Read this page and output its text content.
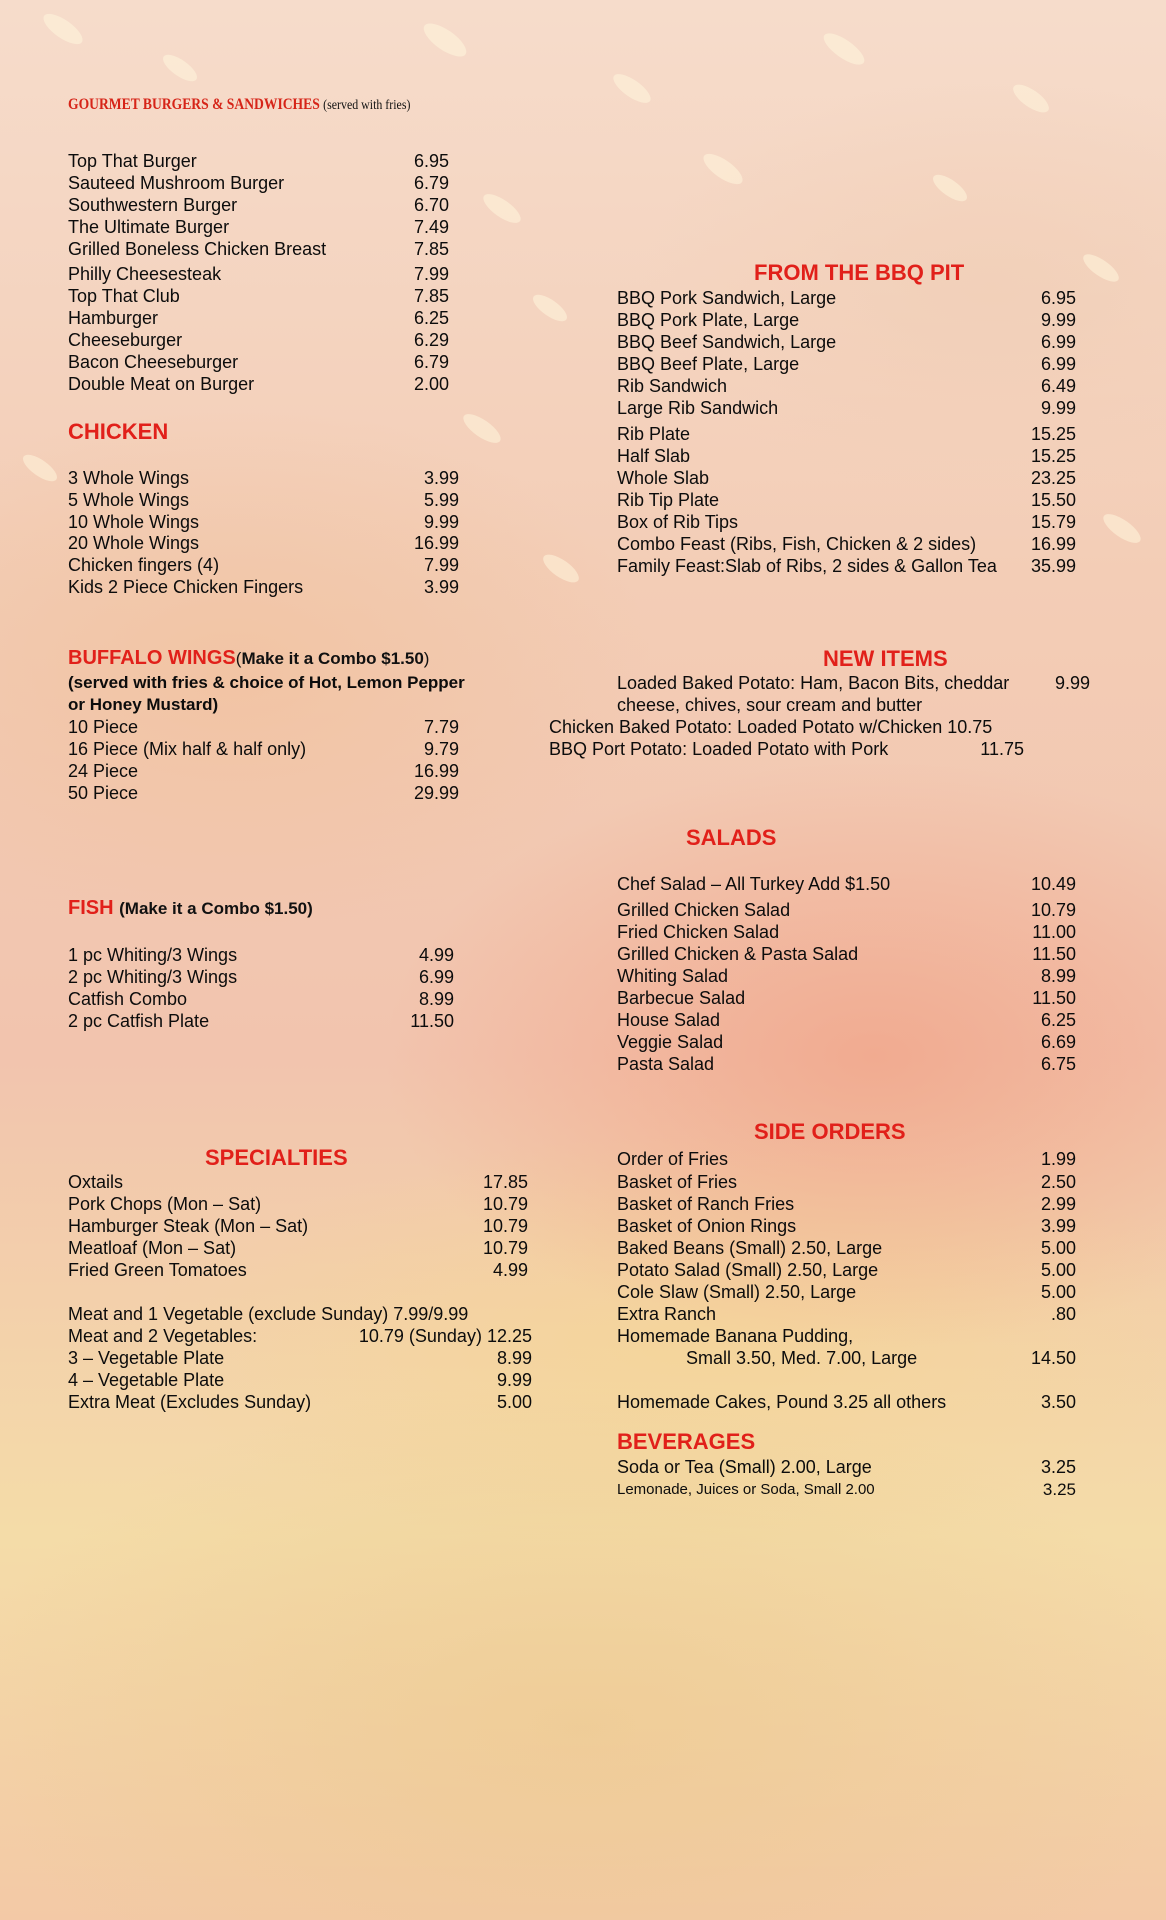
GOURMET BURGERS & SANDWICHES (served with fries)
Top That Burger	6.95
Sauteed Mushroom Burger	6.79
Southwestern Burger	6.70
The Ultimate Burger	7.49
Grilled Boneless Chicken Breast	7.85
Philly Cheesesteak	7.99
Top That Club	7.85
Hamburger	6.25
Cheeseburger	6.29
Bacon Cheeseburger	6.79
Double Meat on Burger	2.00
CHICKEN
3 Whole Wings	3.99
5 Whole Wings	5.99
10 Whole Wings	9.99
20 Whole Wings	16.99
Chicken fingers (4)	7.99
Kids 2 Piece Chicken Fingers	3.99
BUFFALO WINGS(Make it a Combo $1.50)
(served with fries & choice of Hot, Lemon Pepper
or Honey Mustard)
10 Piece	7.79
16 Piece (Mix half & half only)	9.79
24 Piece	16.99
50 Piece	29.99
FISH (Make it a Combo $1.50)
1 pc Whiting/3 Wings	4.99
2 pc Whiting/3 Wings	6.99
Catfish Combo	8.99
2 pc Catfish Plate	11.50
SPECIALTIES
Oxtails	17.85
Pork Chops (Mon – Sat)	10.79
Hamburger Steak (Mon – Sat)	10.79
Meatloaf (Mon – Sat)	10.79
Fried Green Tomatoes	4.99
Meat and 1 Vegetable (exclude Sunday) 7.99/9.99
Meat and 2 Vegetables:	10.79 (Sunday) 12.25
3 – Vegetable Plate	8.99
4 – Vegetable Plate	9.99
Extra Meat (Excludes Sunday)	5.00
FROM THE BBQ PIT
BBQ Pork Sandwich, Large	6.95
BBQ Pork Plate, Large	9.99
BBQ Beef Sandwich, Large	6.99
BBQ Beef Plate, Large	6.99
Rib Sandwich	6.49
Large Rib Sandwich	9.99
Rib Plate	15.25
Half Slab	15.25
Whole Slab	23.25
Rib Tip Plate	15.50
Box of Rib Tips	15.79
Combo Feast (Ribs, Fish, Chicken & 2 sides)	16.99
Family Feast:Slab of Ribs, 2 sides & Gallon Tea 35.99
NEW ITEMS
Loaded Baked Potato: Ham, Bacon Bits, cheddar	9.99
cheese, chives, sour cream and butter
Chicken Baked Potato: Loaded Potato w/Chicken 10.75
BBQ Port Potato: Loaded Potato with Pork	11.75
SALADS
Chef Salad – All Turkey Add $1.50	10.49
Grilled Chicken Salad	10.79
Fried Chicken Salad	11.00
Grilled Chicken & Pasta Salad	11.50
Whiting Salad	8.99
Barbecue Salad	11.50
House Salad	6.25
Veggie Salad	6.69
Pasta Salad	6.75
SIDE ORDERS
Order of Fries	1.99
Basket of Fries	2.50
Basket of Ranch Fries	2.99
Basket of Onion Rings	3.99
Baked Beans (Small) 2.50, Large	5.00
Potato Salad (Small) 2.50, Large	5.00
Cole Slaw (Small) 2.50, Large	5.00
Extra Ranch	.80
Homemade Banana Pudding,
Small 3.50, Med. 7.00, Large	14.50
Homemade Cakes, Pound 3.25 all others	3.50
BEVERAGES
Soda or Tea (Small) 2.00, Large	3.25
Lemonade, Juices or Soda, Small 2.00	3.25
